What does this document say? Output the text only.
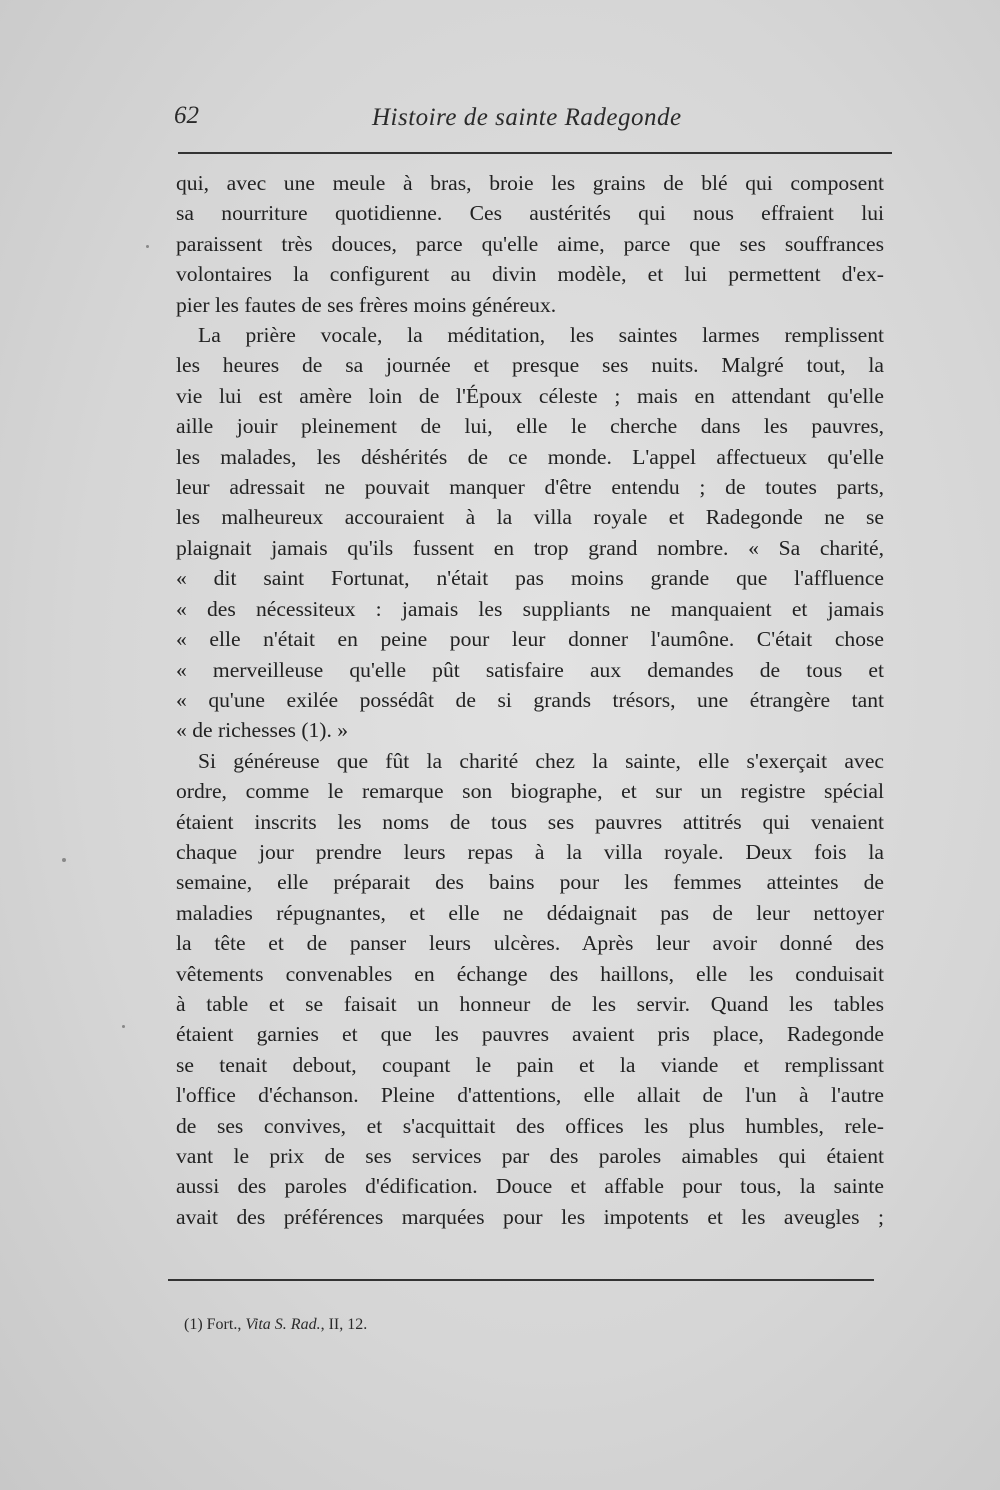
62	Histoire de sainte Radegonde
qui, avec une meule à bras, broie les grains de blé qui composent
sa nourriture quotidienne. Ces austérités qui nous effraient lui
paraissent très douces, parce qu'elle aime, parce que ses souffrances
volontaires la configurent au divin modèle, et lui permettent d'ex-
pier les fautes de ses frères moins généreux.
La prière vocale, la méditation, les saintes larmes remplissent
les heures de sa journée et presque ses nuits. Malgré tout, la
vie lui est amère loin de l'Époux céleste ; mais en attendant qu'elle
aille jouir pleinement de lui, elle le cherche dans les pauvres,
les malades, les déshérités de ce monde. L'appel affectueux qu'elle
leur adressait ne pouvait manquer d'être entendu ; de toutes parts,
les malheureux accouraient à la villa royale et Radegonde ne se
plaignait jamais qu'ils fussent en trop grand nombre. « Sa charité,
« dit saint Fortunat, n'était pas moins grande que l'affluence
« des nécessiteux : jamais les suppliants ne manquaient et jamais
« elle n'était en peine pour leur donner l'aumône. C'était chose
« merveilleuse qu'elle pût satisfaire aux demandes de tous et
« qu'une exilée possédât de si grands trésors, une étrangère tant
« de richesses (1). »
Si généreuse que fût la charité chez la sainte, elle s'exerçait avec
ordre, comme le remarque son biographe, et sur un registre spécial
étaient inscrits les noms de tous ses pauvres attitrés qui venaient
chaque jour prendre leurs repas à la villa royale. Deux fois la
semaine, elle préparait des bains pour les femmes atteintes de
maladies répugnantes, et elle ne dédaignait pas de leur nettoyer
la tête et de panser leurs ulcères. Après leur avoir donné des
vêtements convenables en échange des haillons, elle les conduisait
à table et se faisait un honneur de les servir. Quand les tables
étaient garnies et que les pauvres avaient pris place, Radegonde
se tenait debout, coupant le pain et la viande et remplissant
l'office d'échanson. Pleine d'attentions, elle allait de l'un à l'autre
de ses convives, et s'acquittait des offices les plus humbles, rele-
vant le prix de ses services par des paroles aimables qui étaient
aussi des paroles d'édification. Douce et affable pour tous, la sainte
avait des préférences marquées pour les impotents et les aveugles ;
(1) Fort., Vita S. Rad., II, 12.
